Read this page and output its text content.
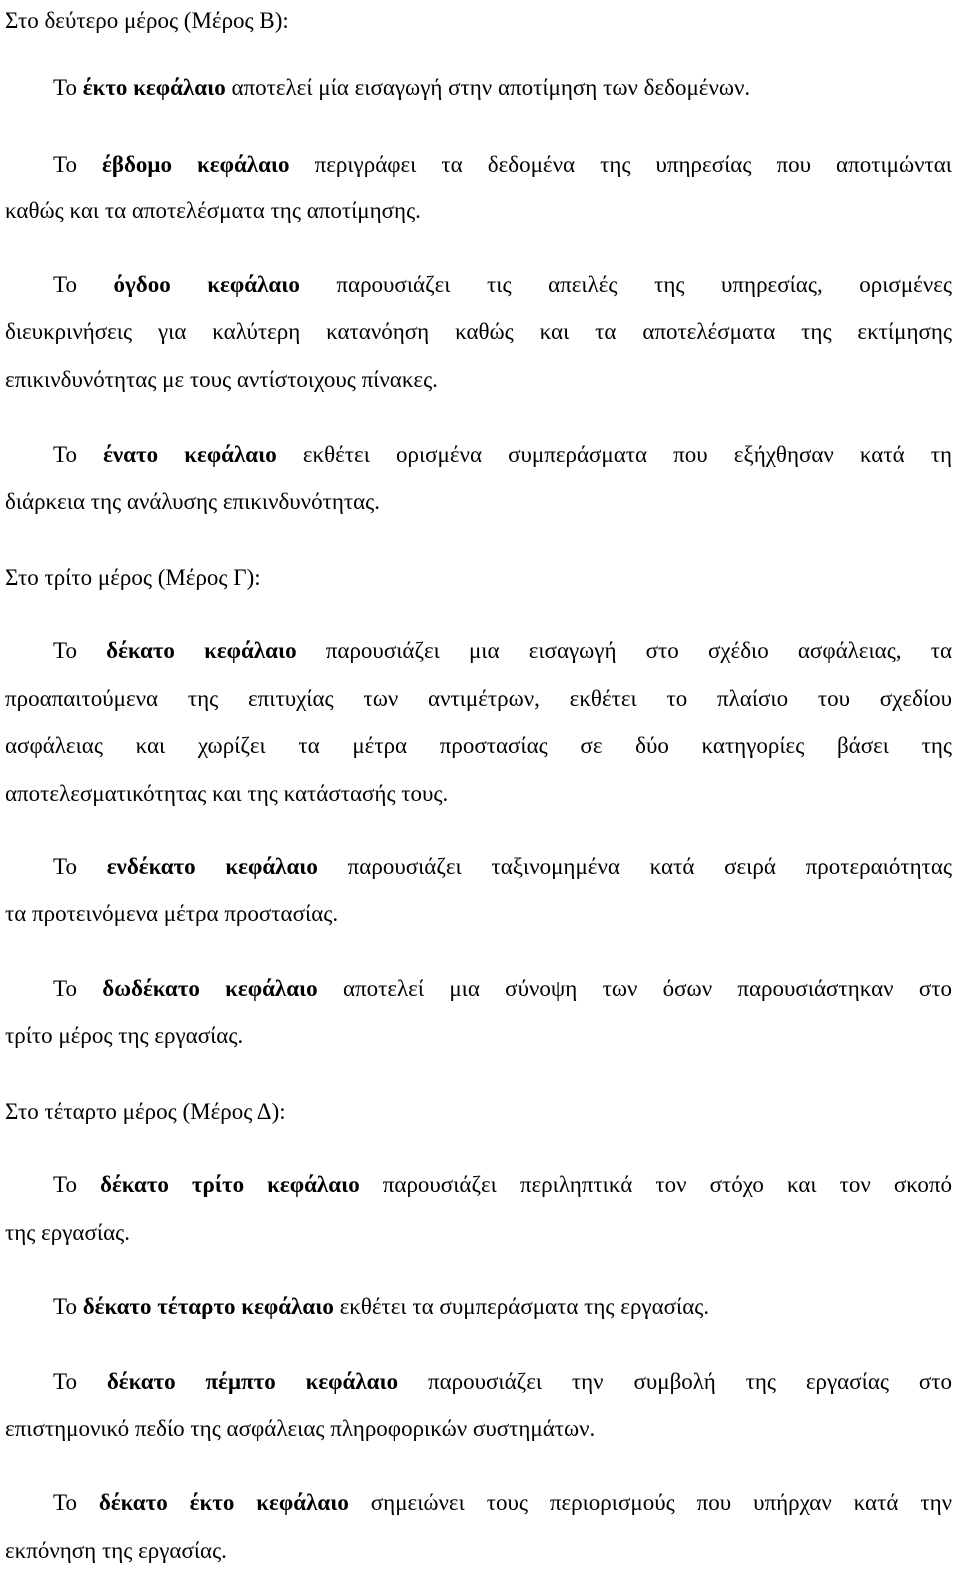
Στο δεύτερο μέρος (Μέρος Β):
Το έκτο κεφάλαιο αποτελεί μία εισαγωγή στην αποτίμηση των δεδομένων.
Το έβδομο κεφάλαιο περιγράφει τα δεδομένα της υπηρεσίας που αποτιμώνται
καθώς και τα αποτελέσματα της αποτίμησης.
Το όγδοο κεφάλαιο παρουσιάζει τις απειλές της υπηρεσίας, ορισμένες
διευκρινήσεις για καλύτερη κατανόηση καθώς και τα αποτελέσματα της εκτίμησης
επικινδυνότητας με τους αντίστοιχους πίνακες.
Το ένατο κεφάλαιο εκθέτει ορισμένα συμπεράσματα που εξήχθησαν κατά τη
διάρκεια της ανάλυσης επικινδυνότητας.
Στο τρίτο μέρος (Μέρος Γ):
Το δέκατο κεφάλαιο παρουσιάζει μια εισαγωγή στο σχέδιο ασφάλειας, τα
προαπαιτούμενα της επιτυχίας των αντιμέτρων, εκθέτει το πλαίσιο του σχεδίου
ασφάλειας και χωρίζει τα μέτρα προστασίας σε δύο κατηγορίες βάσει της
αποτελεσματικότητας και της κατάστασής τους.
Το ενδέκατο κεφάλαιο παρουσιάζει ταξινομημένα κατά σειρά προτεραιότητας
τα προτεινόμενα μέτρα προστασίας.
Το δωδέκατο κεφάλαιο αποτελεί μια σύνοψη των όσων παρουσιάστηκαν στο
τρίτο μέρος της εργασίας.
Στο τέταρτο μέρος (Μέρος Δ):
Το δέκατο τρίτο κεφάλαιο παρουσιάζει περιληπτικά τον στόχο και τον σκοπό
της εργασίας.
Το δέκατο τέταρτο κεφάλαιο εκθέτει τα συμπεράσματα της εργασίας.
Το δέκατο πέμπτο κεφάλαιο παρουσιάζει την συμβολή της εργασίας στο
επιστημονικό πεδίο της ασφάλειας πληροφορικών συστημάτων.
Το δέκατο έκτο κεφάλαιο σημειώνει τους περιορισμούς που υπήρχαν κατά την
εκπόνηση της εργασίας.
